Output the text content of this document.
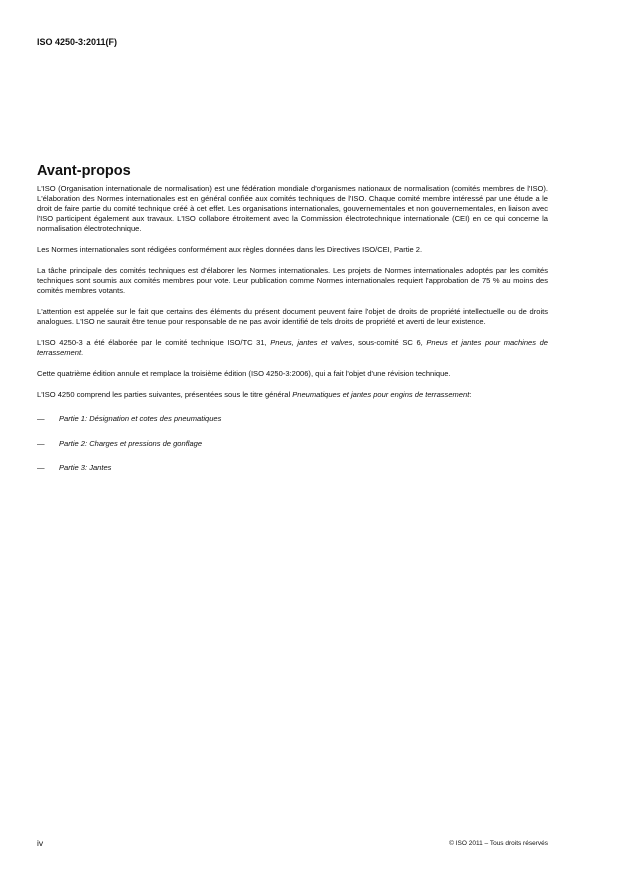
ISO 4250-3:2011(F)
Avant-propos

L'ISO (Organisation internationale de normalisation) est une fédération mondiale d'organismes nationaux de normalisation (comités membres de l'ISO). L'élaboration des Normes internationales est en général confiée aux comités techniques de l'ISO. Chaque comité membre intéressé par une étude a le droit de faire partie du comité technique créé à cet effet. Les organisations internationales, gouvernementales et non gouvernementales, en liaison avec l'ISO participent également aux travaux. L'ISO collabore étroitement avec la Commission électrotechnique internationale (CEI) en ce qui concerne la normalisation électrotechnique.

Les Normes internationales sont rédigées conformément aux règles données dans les Directives ISO/CEI, Partie 2.

La tâche principale des comités techniques est d'élaborer les Normes internationales. Les projets de Normes internationales adoptés par les comités techniques sont soumis aux comités membres pour vote. Leur publication comme Normes internationales requiert l'approbation de 75 % au moins des comités membres votants.

L'attention est appelée sur le fait que certains des éléments du présent document peuvent faire l'objet de droits de propriété intellectuelle ou de droits analogues. L'ISO ne saurait être tenue pour responsable de ne pas avoir identifié de tels droits de propriété et averti de leur existence.

L'ISO 4250-3 a été élaborée par le comité technique ISO/TC 31, Pneus, jantes et valves, sous-comité SC 6, Pneus et jantes pour machines de terrassement.

Cette quatrième édition annule et remplace la troisième édition (ISO 4250-3:2006), qui a fait l'objet d'une révision technique.

L'ISO 4250 comprend les parties suivantes, présentées sous le titre général Pneumatiques et jantes pour engins de terrassement:

— Partie 1: Désignation et cotes des pneumatiques
— Partie 2: Charges et pressions de gonflage
— Partie 3: Jantes
iv	© ISO 2011 – Tous droits réservés
